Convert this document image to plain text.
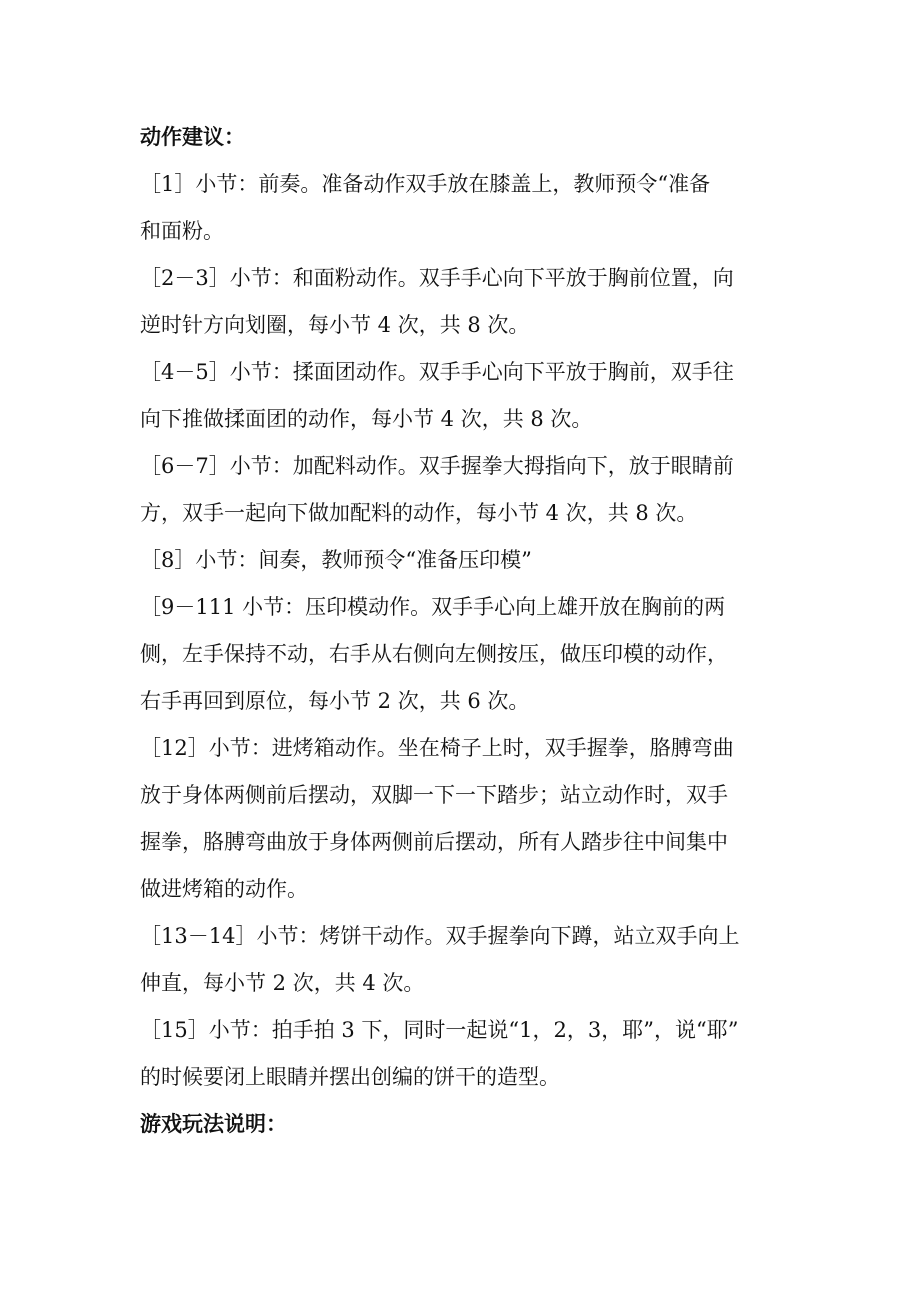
动作建议：
［1］小节：前奏。准备动作双手放在膝盖上，教师预令“准备
和面粉。
［2－3］小节：和面粉动作。双手手心向下平放于胸前位置，向
逆时针方向划圈，每小节 4 次，共 8 次。
［4－5］小节：揉面团动作。双手手心向下平放于胸前，双手往
向下推做揉面团的动作，每小节 4 次，共 8 次。
［6－7］小节：加配料动作。双手握拳大拇指向下，放于眼睛前
方，双手一起向下做加配料的动作，每小节 4 次，共 8 次。
［8］小节：间奏，教师预令“准备压印模”
［9－111 小节：压印模动作。双手手心向上雄开放在胸前的两
侧，左手保持不动，右手从右侧向左侧按压，做压印模的动作，
右手再回到原位，每小节 2 次，共 6 次。
［12］小节：进烤箱动作。坐在椅子上时，双手握拳，胳膊弯曲
放于身体两侧前后摆动，双脚一下一下踏步；站立动作时，双手
握拳，胳膊弯曲放于身体两侧前后摆动，所有人踏步往中间集中
做进烤箱的动作。
［13－14］小节：烤饼干动作。双手握拳向下蹲，站立双手向上
伸直，每小节 2 次，共 4 次。
［15］小节：拍手拍 3 下，同时一起说“1，2，3，耶”，说“耶”
的时候要闭上眼睛并摆出创编的饼干的造型。
游戏玩法说明：
